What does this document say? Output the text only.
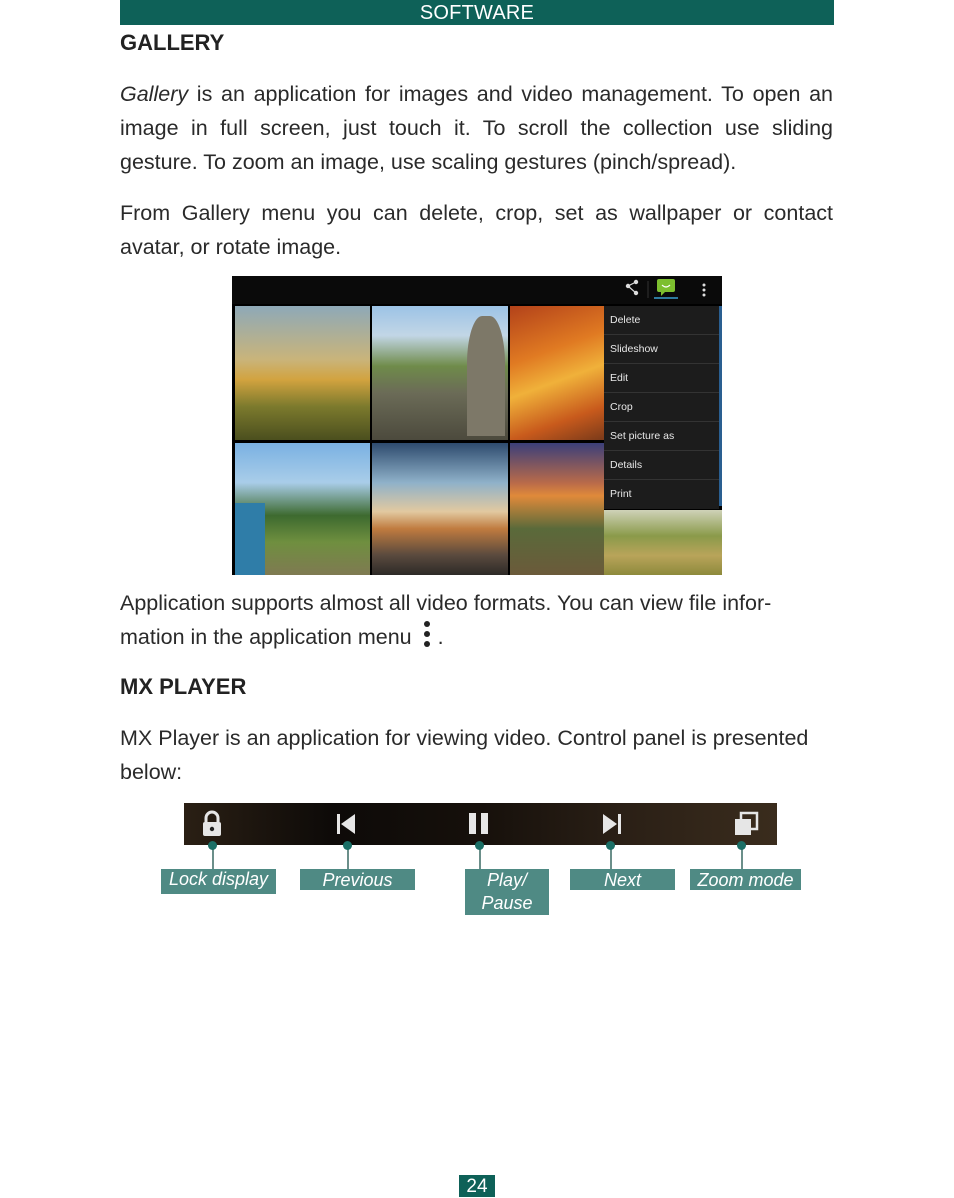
SOFTWARE
GALLERY
Gallery is an application for images and video management. To open an image in full screen, just touch it. To scroll the collection use sliding gesture. To zoom an image, use scaling gestures (pinch/spread).
From Gallery menu you can delete, crop, set as wallpaper or contact avatar, or rotate image.
Delete
Slideshow
Edit
Crop
Set picture as
Details
Print
Application supports almost all video formats. You can view file infor-
mation in the application menu .
MX PLAYER
MX Player is an application for viewing video. Control panel is presented below:
Lock display	Previous	Play/
Pause
Next	Zoom mode
24
